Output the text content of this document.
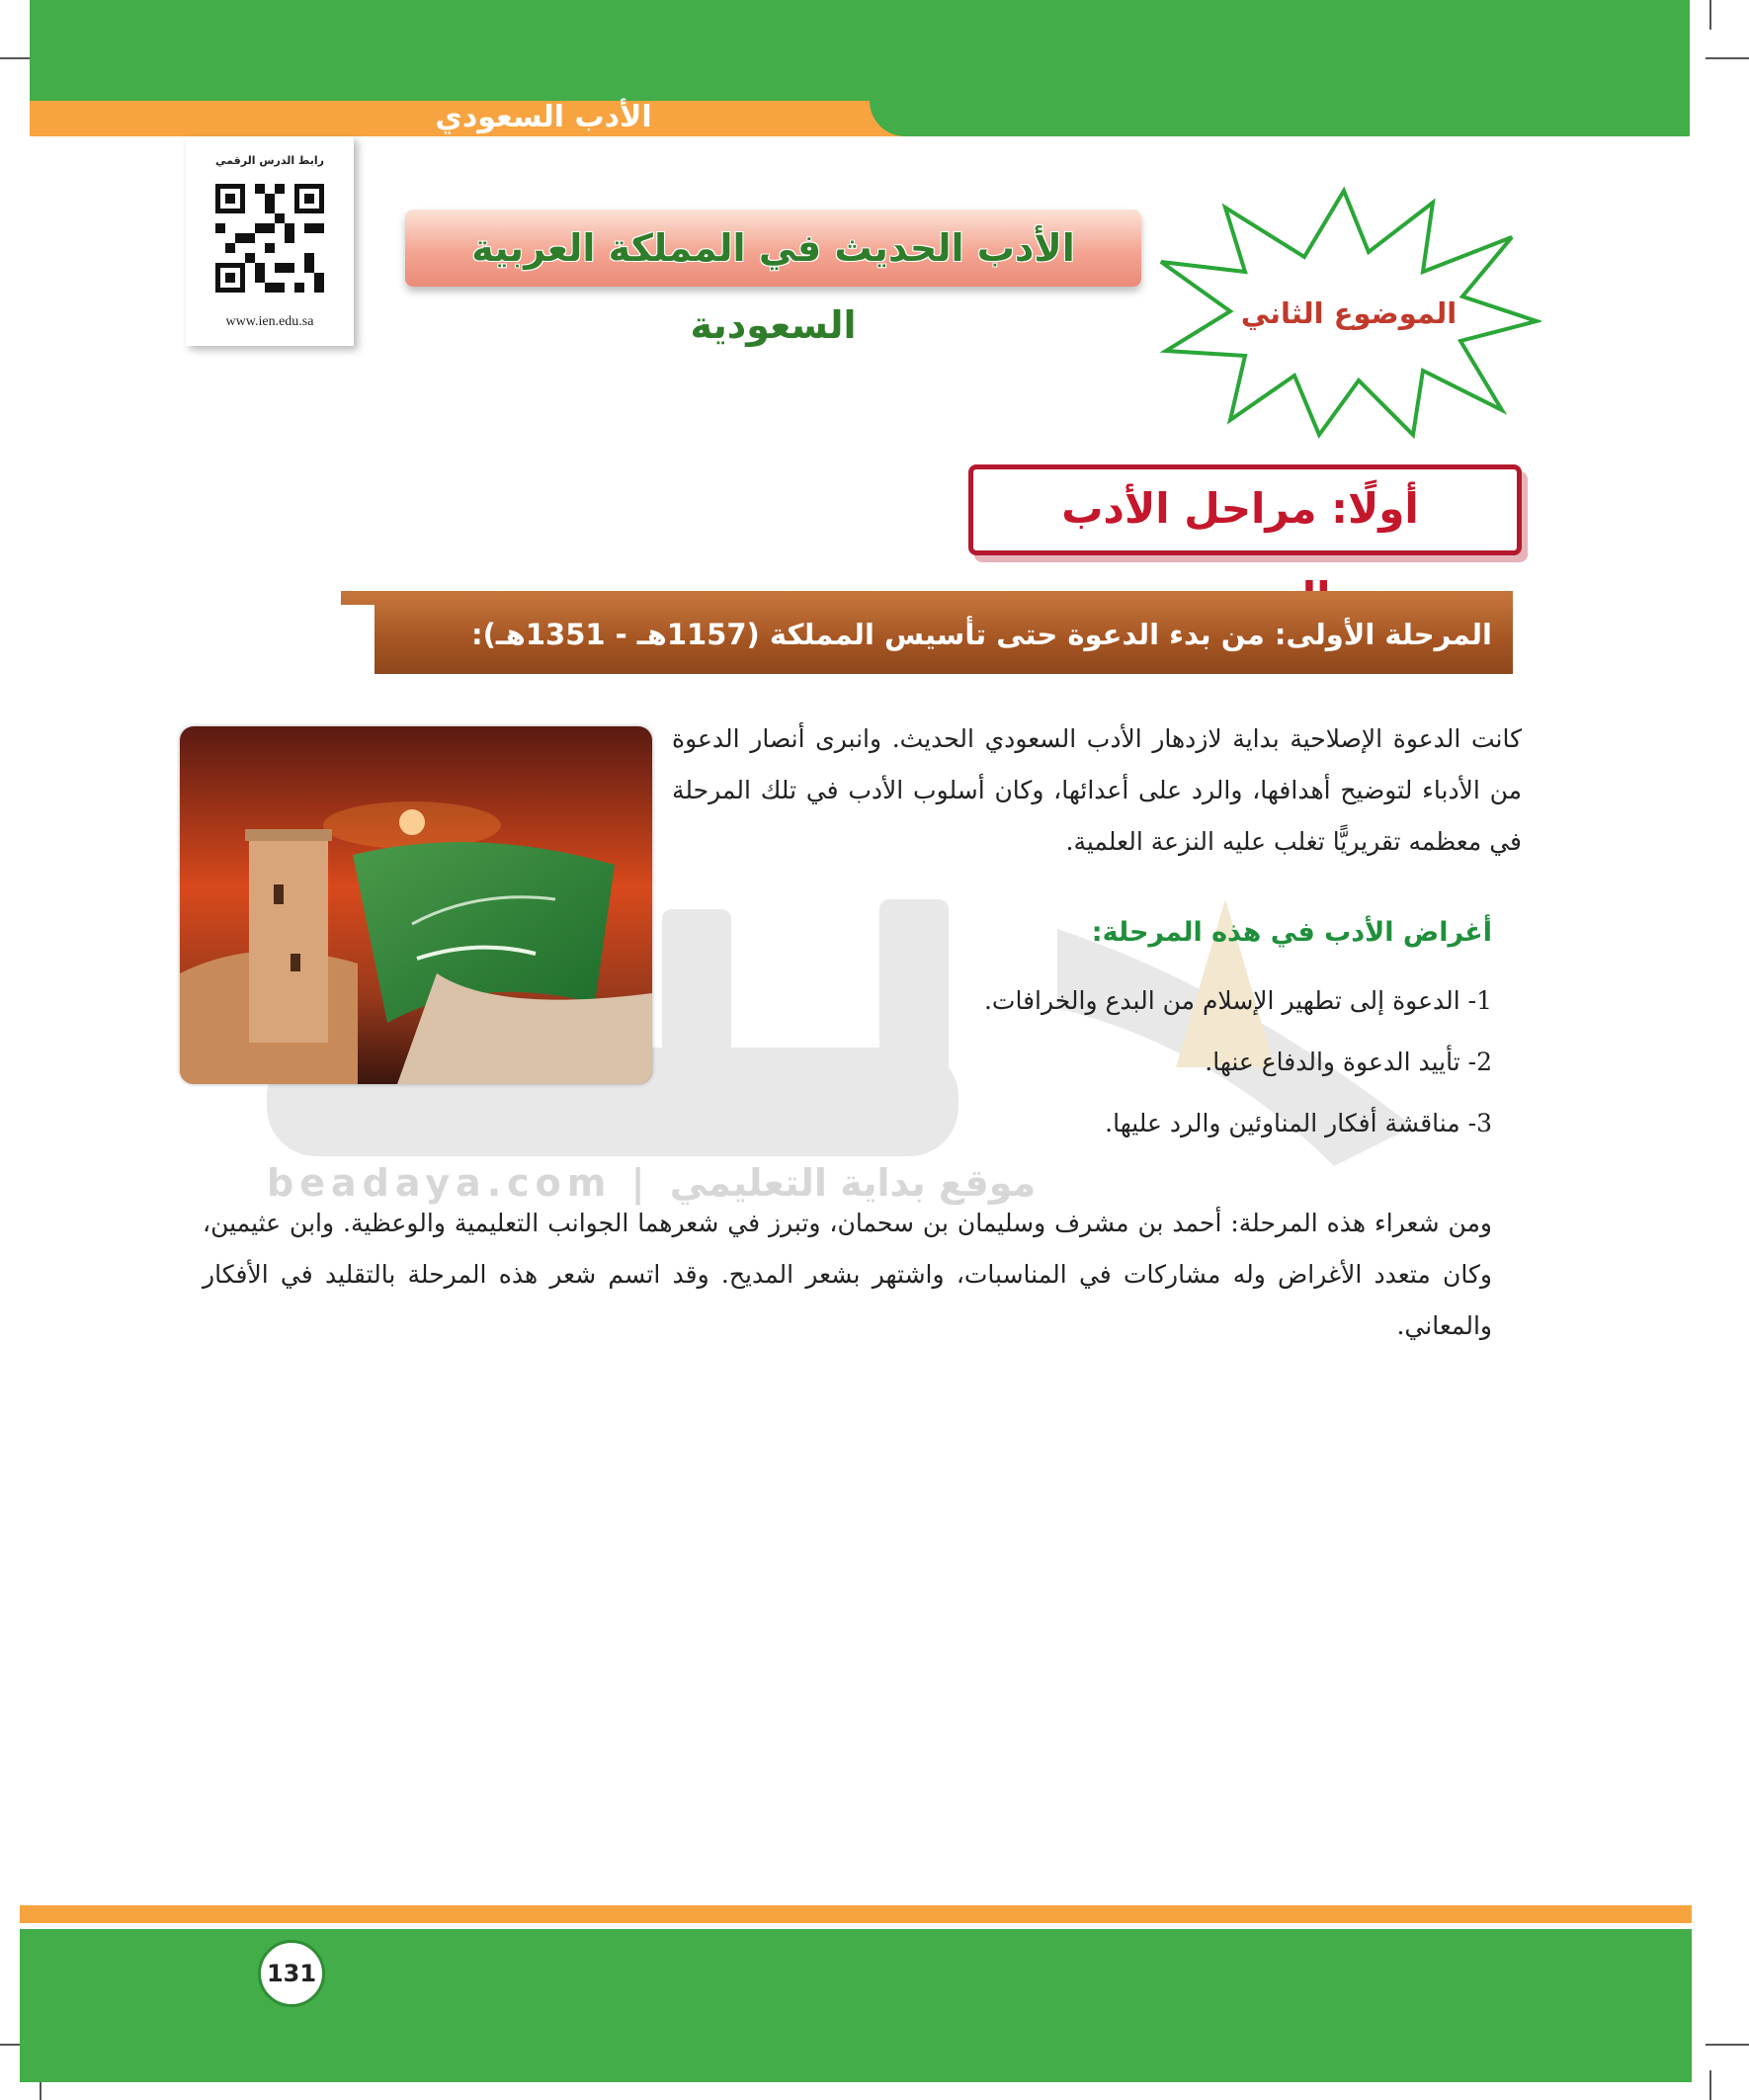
الأدب السعودي
رابط الدرس الرقمي
www.ien.edu.sa
الأدب الحديث في المملكة العربية السعودية	الموضوع الثاني
أولًا: مراحل الأدب
المرحلة الأولى: من بدء الدعوة حتى تأسيس المملكة (1157هـ - 1351هـ):
beadaya.com | موقع بداية التعليمي
كانت الدعوة الإصلاحية بداية لازدهار الأدب السعودي الحديث. وانبرى أنصار الدعوة من الأدباء لتوضيح أهدافها، والرد على أعدائها، وكان أسلوب الأدب في تلك المرحلة في معظمه تقريريًّا تغلب عليه النزعة العلمية.
أغراض الأدب في هذه المرحلة:
1- الدعوة إلى تطهير الإسلام من البدع والخرافات.
2- تأييد الدعوة والدفاع عنها.
3- مناقشة أفكار المناوئين والرد عليها.
ومن شعراء هذه المرحلة: أحمد بن مشرف وسليمان بن سحمان، وتبرز في شعرهما الجوانب التعليمية والوعظية. وابن عثيمين، وكان متعدد الأغراض وله مشاركات في المناسبات، واشتهر بشعر المديح. وقد اتسم شعر هذه المرحلة بالتقليد في الأفكار والمعاني.
131
